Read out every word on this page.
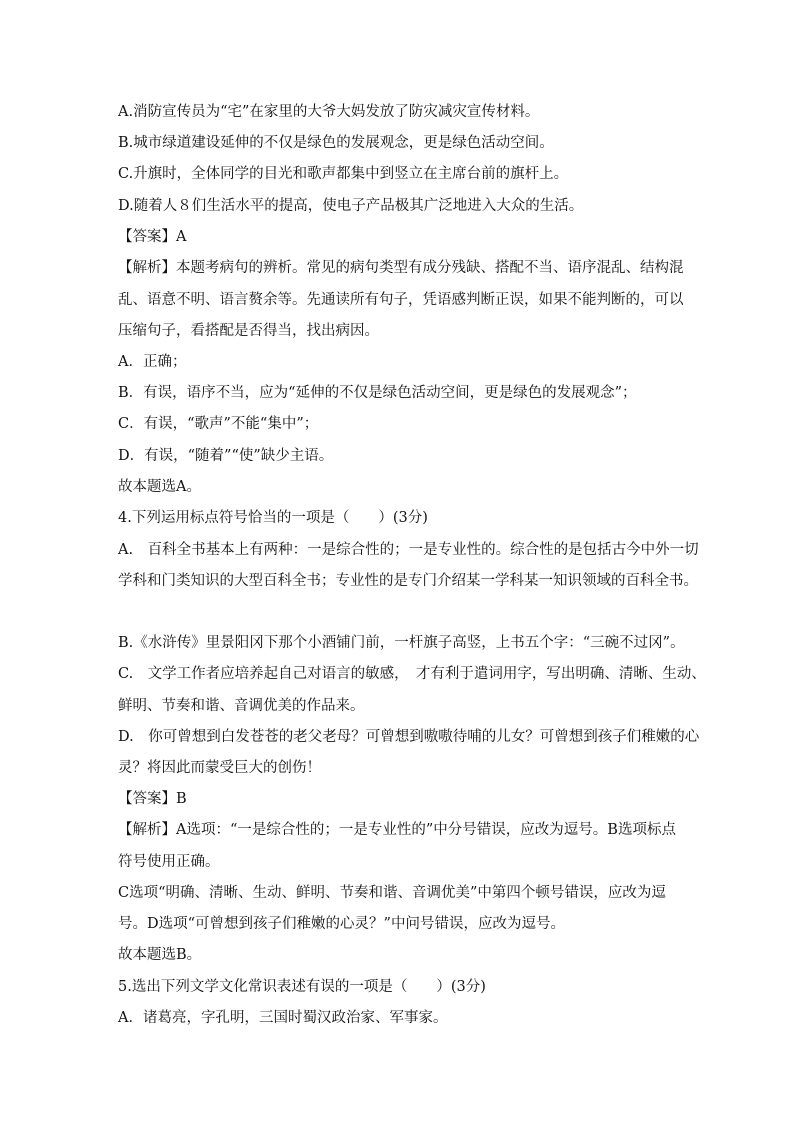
A.消防宣传员为“宅”在家里的大爷大妈发放了防灾减灾宣传材料。
B.城市绿道建设延伸的不仅是绿色的发展观念，更是绿色活动空间。
C.升旗时，全体同学的目光和歌声都集中到竖立在主席台前的旗杆上。
D.随着人８们生活水平的提高，使电子产品极其广泛地进入大众的生活。
【答案】A
【解析】本题考病句的辨析。常见的病句类型有成分残缺、搭配不当、语序混乱、结构混
乱、语意不明、语言赘余等。先通读所有句子，凭语感判断正误，如果不能判断的，可以
压缩句子，看搭配是否得当，找出病因。
A．正确；
B．有误，语序不当，应为“延伸的不仅是绿色活动空间，更是绿色的发展观念”；
C．有误，“歌声”不能“集中”；
D．有误，“随着”“使”缺少主语。
故本题选A。
4.下列运用标点符号恰当的一项是（　　）(3分)
A.　百科全书基本上有两种：一是综合性的；一是专业性的。综合性的是包括古今中外一切
学科和门类知识的大型百科全书；专业性的是专门介绍某一学科某一知识领域的百科全书。
B.《水浒传》里景阳冈下那个小酒铺门前，一杆旗子高竖，上书五个字：“三碗不过冈”。
C.　文学工作者应培养起自己对语言的敏感，　才有利于遣词用字，写出明确、清晰、生动、
鲜明、节奏和谐、音调优美的作品来。
D.　你可曾想到白发苍苍的老父老母？可曾想到嗷嗷待哺的儿女？可曾想到孩子们稚嫩的心
灵？将因此而蒙受巨大的创伤！
【答案】B
【解析】A选项：“一是综合性的；一是专业性的”中分号错误，应改为逗号。B选项标点
符号使用正确。
C选项“明确、清晰、生动、鲜明、节奏和谐、音调优美”中第四个顿号错误，应改为逗
号。D选项“可曾想到孩子们稚嫩的心灵？”中问号错误，应改为逗号。
故本题选B。
5.选出下列文学文化常识表述有误的一项是（　　）(3分)
A．诸葛亮，字孔明，三国时蜀汉政治家、军事家。
